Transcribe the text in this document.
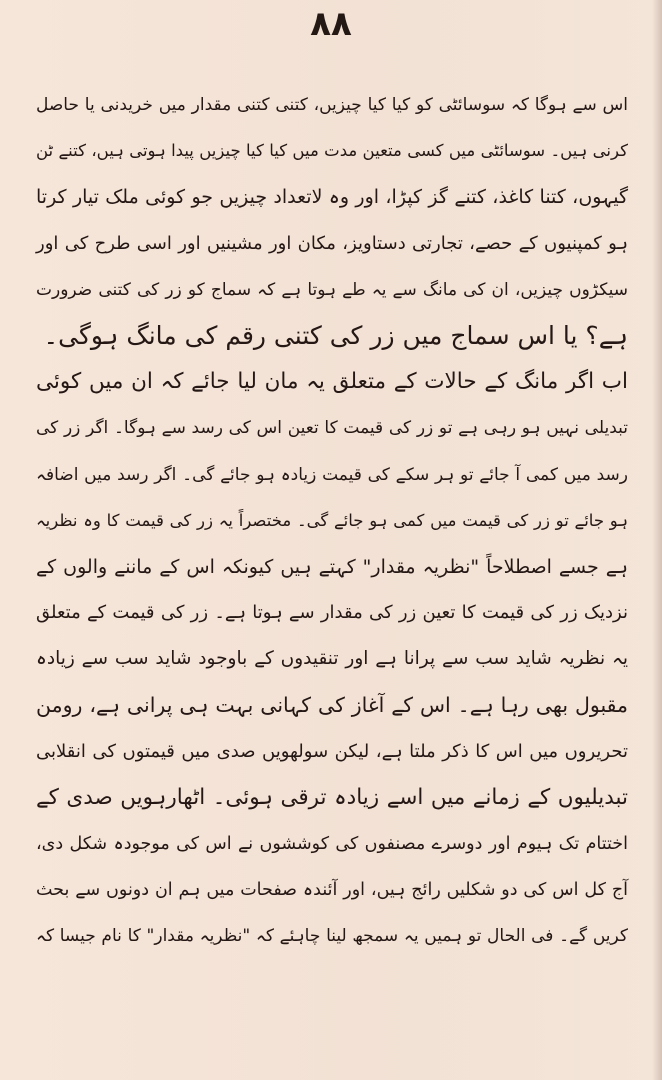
۸۸
اس سے ہوگا کہ سوسائٹی کو کیا کیا چیزیں، کتنی کتنی مقدار میں خریدنی یا حاصل
کرنی ہیں۔ سوسائٹی میں کسی متعین مدت میں کیا کیا چیزیں پیدا ہوتی ہیں، کتنے ٹن
گیہوں، کتنا کاغذ، کتنے گز کپڑا، اور وہ لاتعداد چیزیں جو کوئی ملک تیار کرتا
ہو کمپنیوں کے حصے، تجارتی دستاویز، مکان اور مشینیں اور اسی طرح کی اور
سیکڑوں چیزیں، ان کی مانگ سے یہ طے ہوتا ہے کہ سماج کو زر کی کتنی ضرورت
ہے؟ یا اس سماج میں زر کی کتنی رقم کی مانگ ہوگی۔
اب اگر مانگ کے حالات کے متعلق یہ مان لیا جائے کہ ان میں کوئی
تبدیلی نہیں ہو رہی ہے تو زر کی قیمت کا تعین اس کی رسد سے ہوگا۔ اگر زر کی
رسد میں کمی آ جائے تو ہر سکے کی قیمت زیادہ ہو جائے گی۔ اگر رسد میں اضافہ
ہو جائے تو زر کی قیمت میں کمی ہو جائے گی۔ مختصراً یہ زر کی قیمت کا وہ نظریہ
ہے جسے اصطلاحاً "نظریہ مقدار" کہتے ہیں کیونکہ اس کے ماننے والوں کے
نزدیک زر کی قیمت کا تعین زر کی مقدار سے ہوتا ہے۔ زر کی قیمت کے متعلق
یہ نظریہ شاید سب سے پرانا ہے اور تنقیدوں کے باوجود شاید سب سے زیادہ
مقبول بھی رہا ہے۔ اس کے آغاز کی کہانی بہت ہی پرانی ہے، رومن
تحریروں میں اس کا ذکر ملتا ہے، لیکن سولھویں صدی میں قیمتوں کی انقلابی
تبدیلیوں کے زمانے میں اسے زیادہ ترقی ہوئی۔ اٹھارہویں صدی کے
اختتام تک ہیوم اور دوسرے مصنفوں کی کوششوں نے اس کی موجودہ شکل دی،
آج کل اس کی دو شکلیں رائج ہیں، اور آئندہ صفحات میں ہم ان دونوں سے بحث
کریں گے۔ فی الحال تو ہمیں یہ سمجھ لینا چاہئے کہ "نظریہ مقدار" کا نام جیسا کہ
